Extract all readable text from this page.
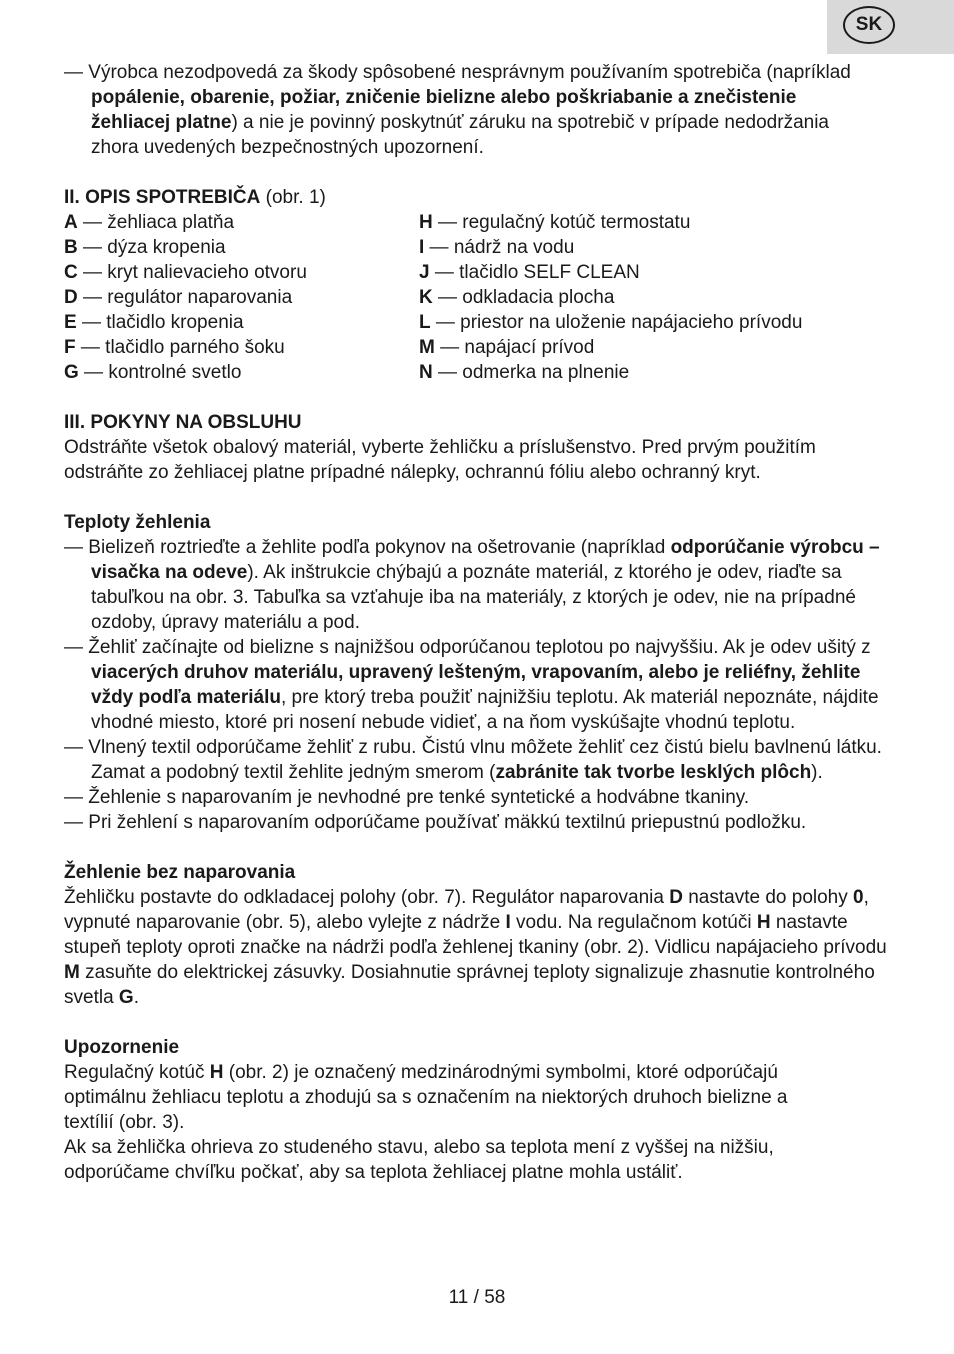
SK
— Výrobca nezodpovedá za škody spôsobené nesprávnym používaním spotrebiča (napríklad popálenie, obarenie, požiar, zničenie bielizne alebo poškriabanie a znečistenie žehliacej platne) a nie je povinný poskytnúť záruku na spotrebič v prípade nedodržania zhora uvedených bezpečnostných upozornení.
II. OPIS SPOTREBIČA (obr. 1)
A — žehliaca platňa
B — dýza kropenia
C — kryt nalievacieho otvoru
D — regulátor naparovania
E — tlačidlo kropenia
F — tlačidlo parného šoku
G — kontrolné svetlo
H — regulačný kotúč termostatu
I — nádrž na vodu
J — tlačidlo SELF CLEAN
K — odkladacia plocha
L — priestor na uloženie napájacieho prívodu
M — napájací prívod
N — odmerka na plnenie
III. POKYNY NA OBSLUHU
Odstráňte všetok obalový materiál, vyberte žehličku a príslušenstvo. Pred prvým použitím odstráňte zo žehliacej platne prípadné nálepky, ochrannú fóliu alebo ochranný kryt.
Teploty žehlenia
— Bielizeň roztrieďte a žehlite podľa pokynov na ošetrovanie (napríklad odporúčanie výrobcu – visačka na odeve). Ak inštrukcie chýbajú a poznáte materiál, z ktorého je odev, riaďte sa tabuľkou na obr. 3. Tabuľka sa vzťahuje iba na materiály, z ktorých je odev, nie na prípadné ozdoby, úpravy materiálu a pod.
— Žehliť začínajte od bielizne s najnižšou odporúčanou teplotou po najvyššiu. Ak je odev ušitý z viacerých druhov materiálu, upravený lešteným, vrapovaním, alebo je reliéfny, žehlite vždy podľa materiálu, pre ktorý treba použiť najnižšiu teplotu. Ak materiál nepoznáte, nájdite vhodné miesto, ktoré pri nosení nebude vidieť, a na ňom vyskúšajte vhodnú teplotu.
— Vlnený textil odporúčame žehliť z rubu. Čistú vlnu môžete žehliť cez čistú bielu bavlnenú látku. Zamat a podobný textil žehlite jedným smerom (zabránite tak tvorbe lesklých plôch).
— Žehlenie s naparovaním je nevhodné pre tenké syntetické a hodvábne tkaniny.
— Pri žehlení s naparovaním odporúčame používať mäkkú textilnú priepustnú podložku.
Žehlenie bez naparovania
Žehličku postavte do odkladacej polohy (obr. 7). Regulátor naparovania D nastavte do polohy 0, vypnuté naparovanie (obr. 5), alebo vylejte z nádrže I vodu. Na regulačnom kotúči H nastavte stupeň teploty oproti značke na nádrži podľa žehlenej tkaniny (obr. 2). Vidlicu napájacieho prívodu M zasuňte do elektrickej zásuvky. Dosiahnutie správnej teploty signalizuje zhasnutie kontrolného svetla G.
Upozornenie
Regulačný kotúč H (obr. 2) je označený medzinárodnými symbolmi, ktoré odporúčajú optimálnu žehliacu teplotu a zhodujú sa s označením na niektorých druhoch bielizne a textílií (obr. 3).
Ak sa žehlička ohrieva zo studeného stavu, alebo sa teplota mení z vyššej na nižšiu, odporúčame chvíľku počkať, aby sa teplota žehliacej platne mohla ustáliť.
11 / 58
